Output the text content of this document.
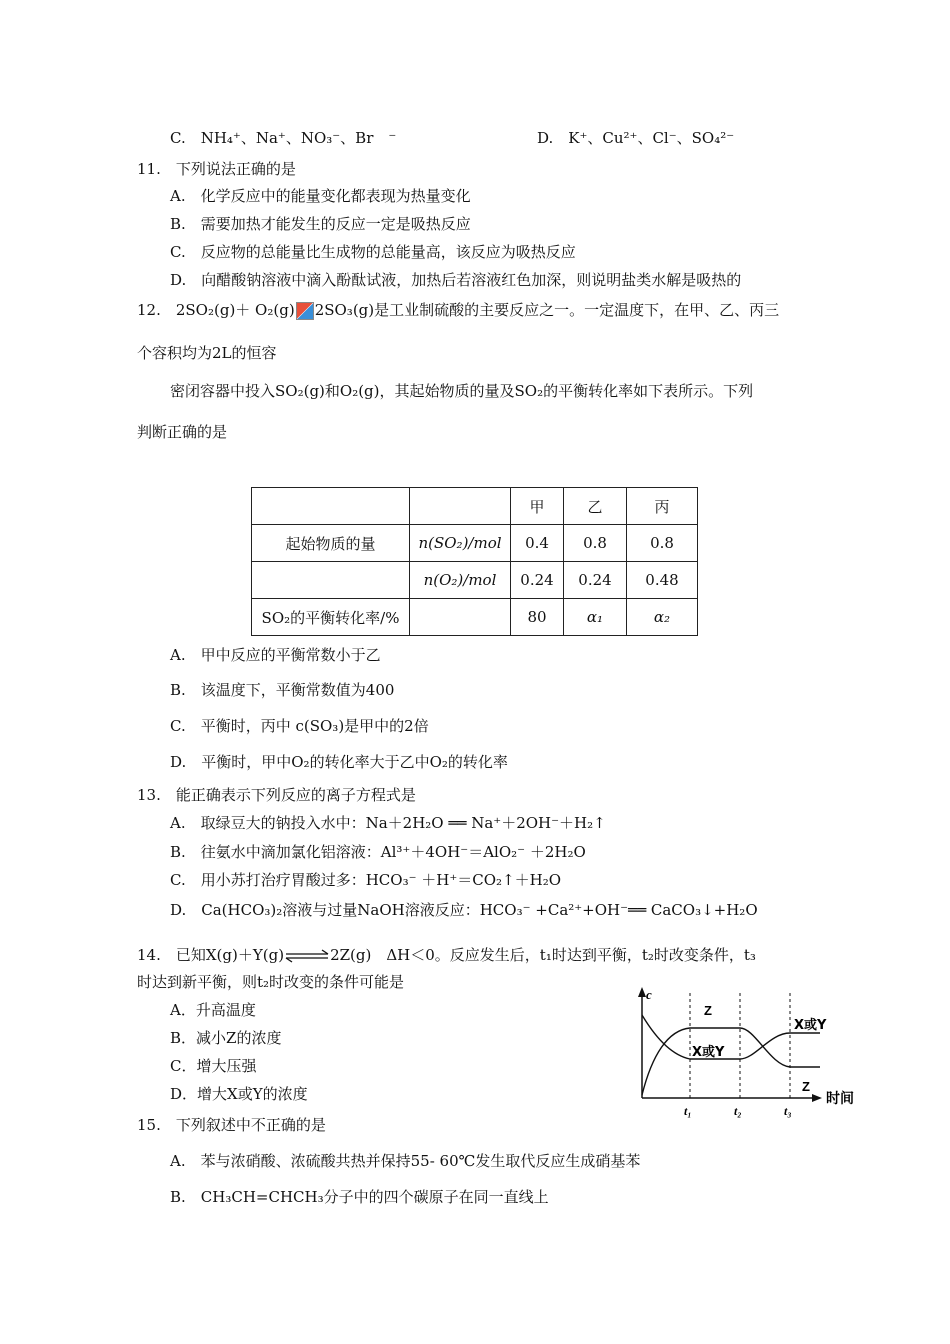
C.　NH₄⁺、Na⁺、NO₃⁻、Br　⁻	D.　K⁺、Cu²⁺、Cl⁻、SO₄²⁻
11.　下列说法正确的是
A.　化学反应中的能量变化都表现为热量变化
B.　需要加热才能发生的反应一定是吸热反应
C.　反应物的总能量比生成物的总能量高，该反应为吸热反应
D.　向醋酸钠溶液中滴入酚酞试液，加热后若溶液红色加深，则说明盐类水解是吸热的
12.　2SO₂(g)＋ O₂(g) 2SO₃(g)是工业制硫酸的主要反应之一。一定温度下，在甲、乙、丙三
个容积均为2L的恒容
密闭容器中投入SO₂(g)和O₂(g)，其起始物质的量及SO₂的平衡转化率如下表所示。下列
判断正确的是
		甲	乙	丙
起始物质的量	n(SO₂)/mol	0.4	0.8	0.8
	n(O₂)/mol	0.24	0.24	0.48
SO₂的平衡转化率/%		80	α₁	α₂
A.　甲中反应的平衡常数小于乙
B.　该温度下，平衡常数值为400
C.　平衡时，丙中 c(SO₃)是甲中的2倍
D.　平衡时，甲中O₂的转化率大于乙中O₂的转化率
13.　能正确表示下列反应的离子方程式是
A.　取绿豆大的钠投入水中：Na＋2H₂O ══ Na⁺＋2OH⁻＋H₂↑
B.　往氨水中滴加氯化铝溶液：Al³⁺＋4OH⁻＝AlO₂⁻ ＋2H₂O
C.　用小苏打治疗胃酸过多：HCO₃⁻ ＋H⁺＝CO₂↑＋H₂O
D.　Ca(HCO₃)₂溶液与过量NaOH溶液反应：HCO₃⁻ +Ca²⁺+OH⁻══ CaCO₃↓+H₂O
14.　已知X(g)＋Y(g)⇌2Z(g)　ΔH＜0。反应发生后，t₁时达到平衡，t₂时改变条件，t₃
时达到新平衡，则t₂时改变的条件可能是
A．升高温度
B．减小Z的浓度
C．增大压强
D．增大X或Y的浓度
c
时间
Z
X或Y
X或Y
Z
t₁	t₂	t₃
15.　下列叙述中不正确的是
A.　苯与浓硝酸、浓硫酸共热并保持55- 60℃发生取代反应生成硝基苯
B.　CH₃CH=CHCH₃分子中的四个碳原子在同一直线上
